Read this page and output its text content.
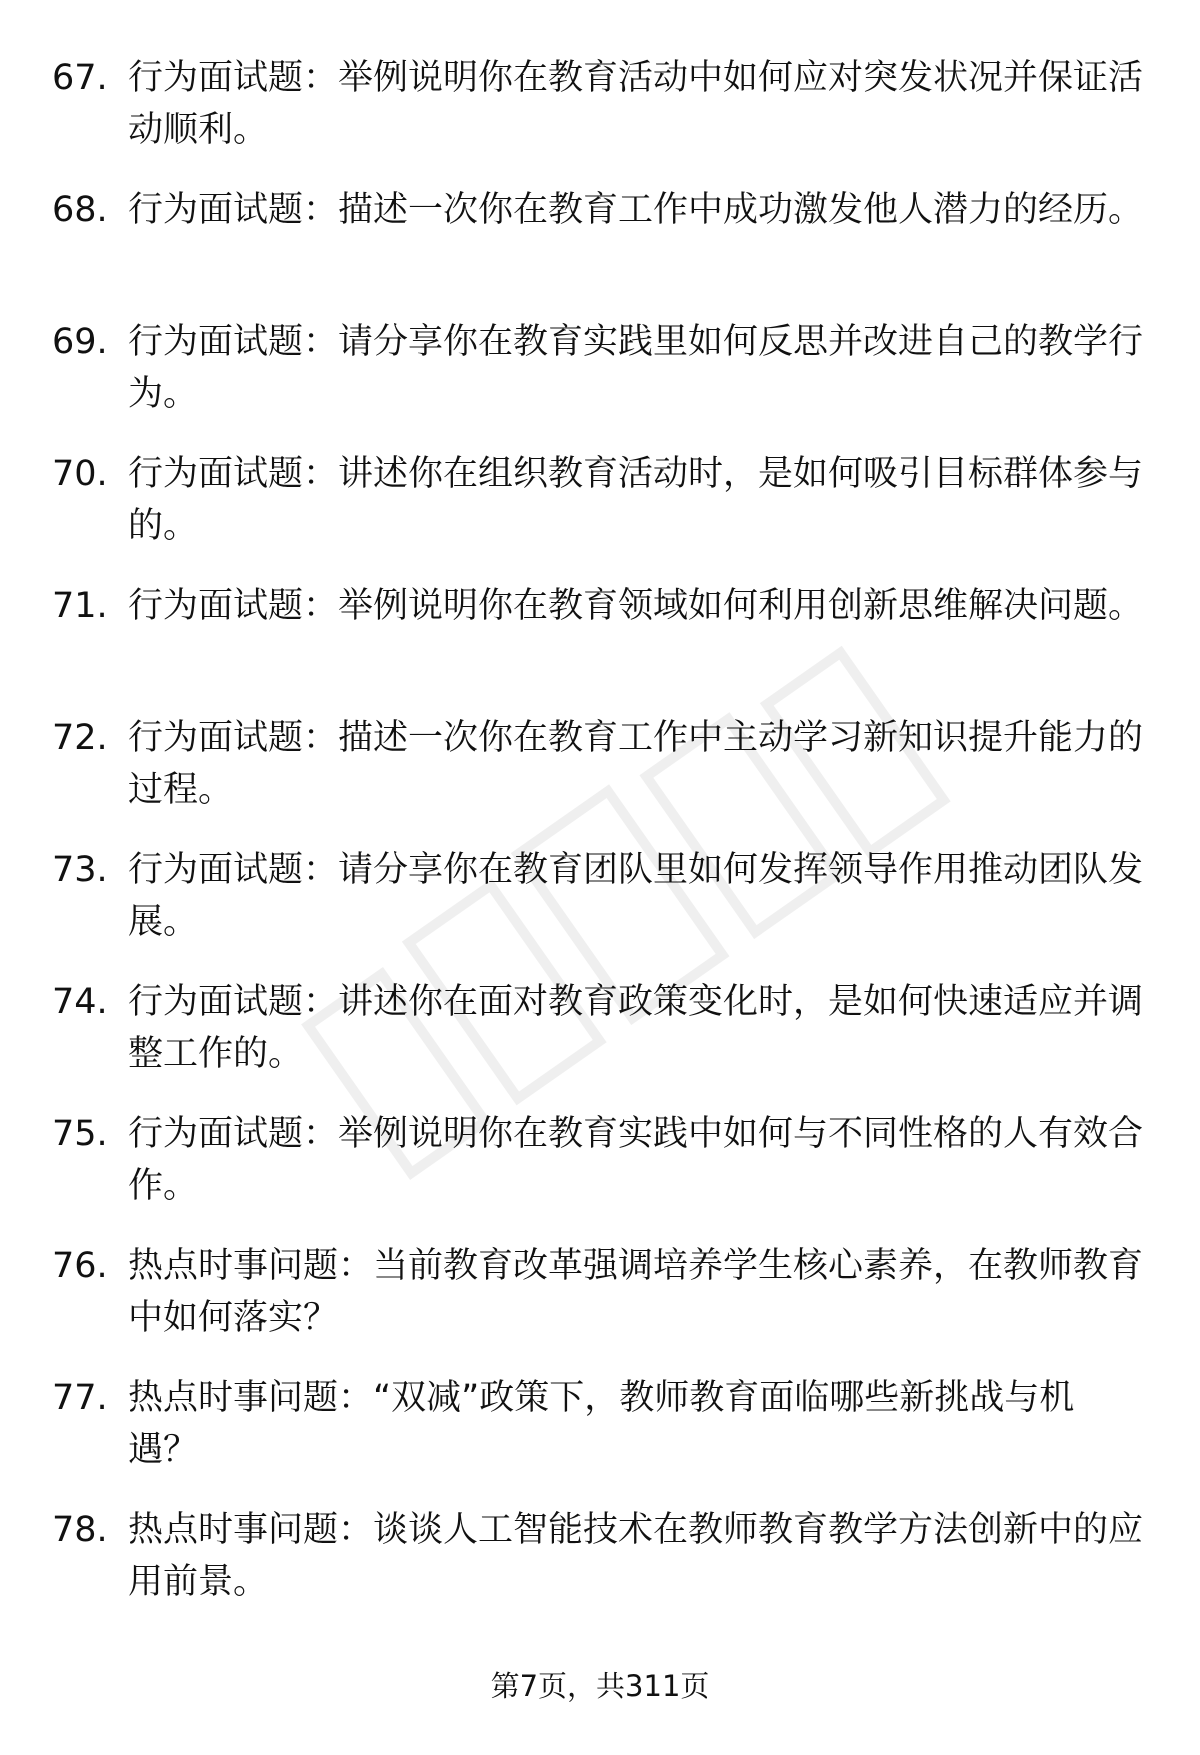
67. 行为面试题：举例说明你在教育活动中如何应对突发状况并保证活动顺利。
68. 行为面试题：描述一次你在教育工作中成功激发他人潜力的经历。
69. 行为面试题：请分享你在教育实践里如何反思并改进自己的教学行为。
70. 行为面试题：讲述你在组织教育活动时，是如何吸引目标群体参与的。
71. 行为面试题：举例说明你在教育领域如何利用创新思维解决问题。
72. 行为面试题：描述一次你在教育工作中主动学习新知识提升能力的过程。
73. 行为面试题：请分享你在教育团队里如何发挥领导作用推动团队发展。
74. 行为面试题：讲述你在面对教育政策变化时，是如何快速适应并调整工作的。
75. 行为面试题：举例说明你在教育实践中如何与不同性格的人有效合作。
76. 热点时事问题：当前教育改革强调培养学生核心素养，在教师教育中如何落实？
77. 热点时事问题：“双减”政策下，教师教育面临哪些新挑战与机遇？
78. 热点时事问题：谈谈人工智能技术在教师教育教学方法创新中的应用前景。
第7页，共311页
